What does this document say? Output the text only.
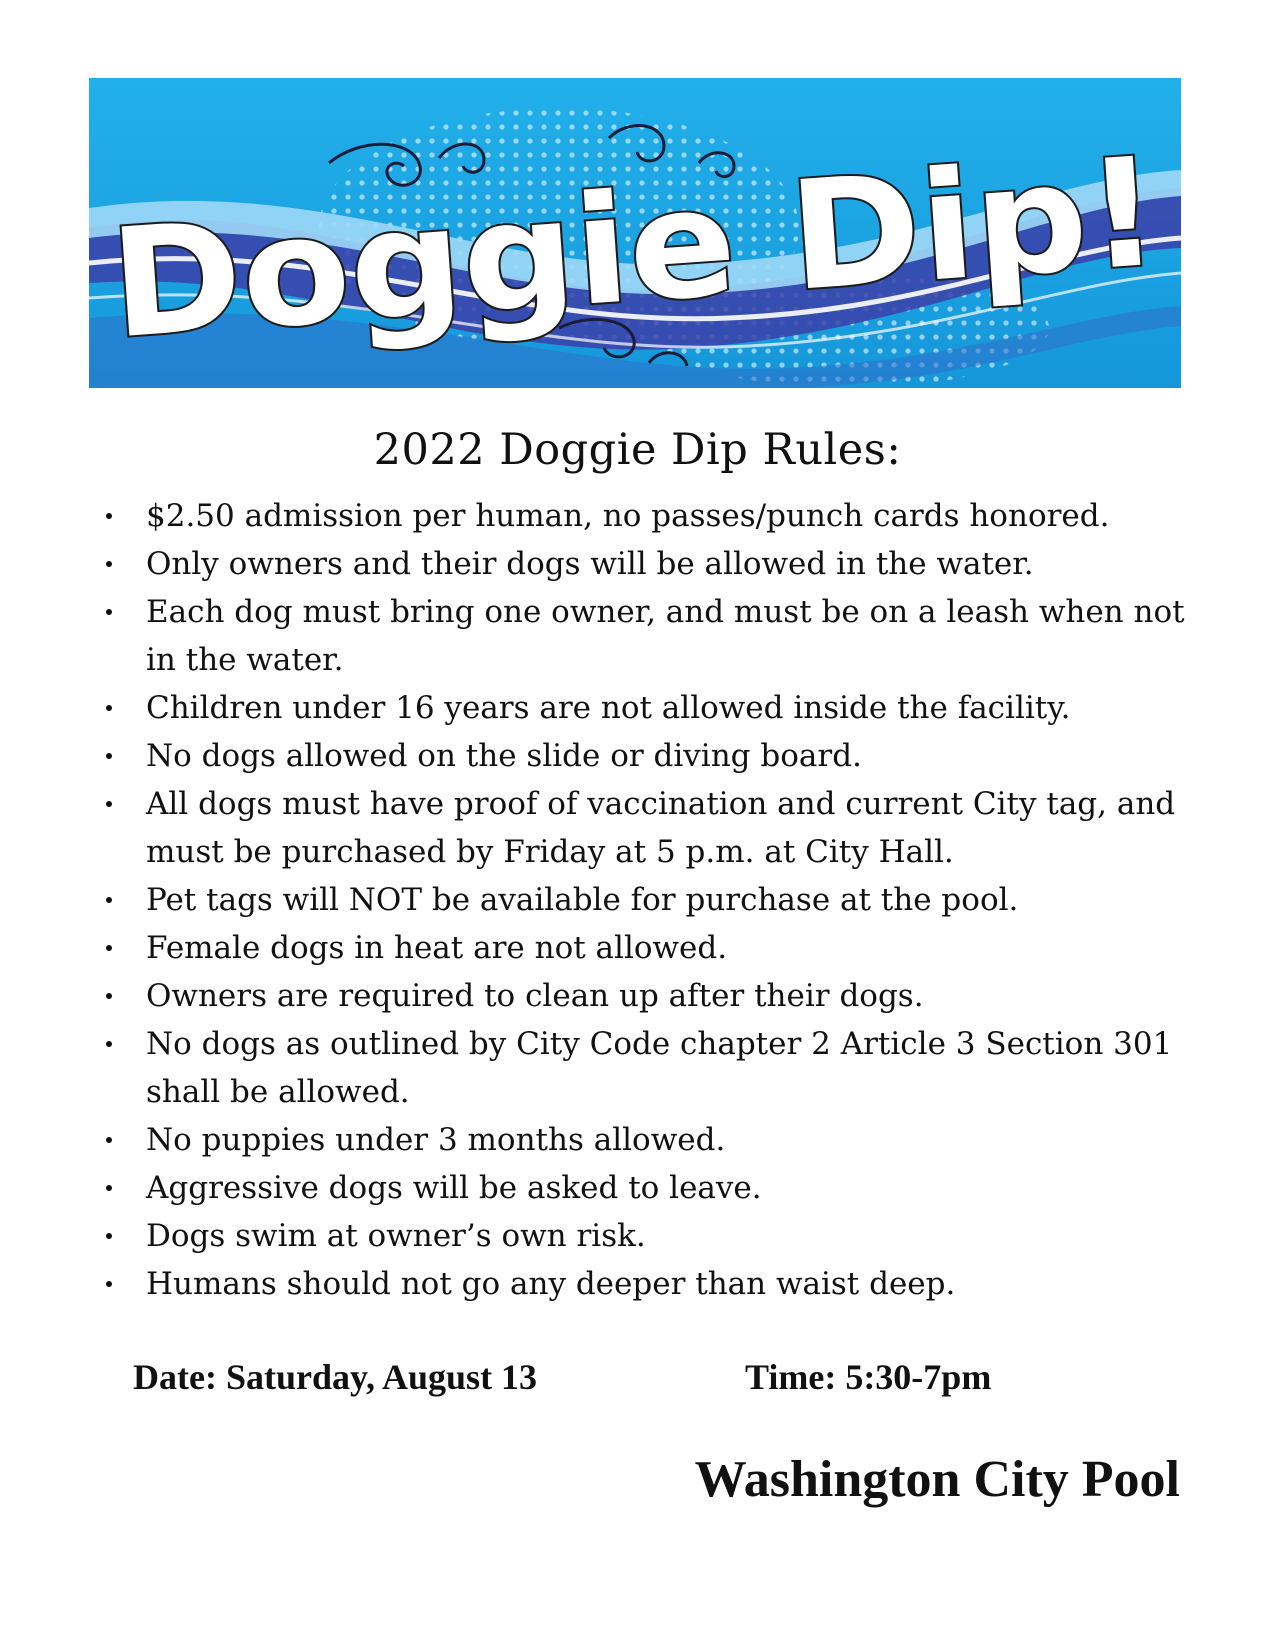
Doggie Dip!
2022 Doggie Dip Rules:
$2.50 admission per human, no passes/punch cards honored.
Only owners and their dogs will be allowed in the water.
Each dog must bring one owner, and must be on a leash when not in the water.
Children under 16 years are not allowed inside the facility.
No dogs allowed on the slide or diving board.
All dogs must have proof of vaccination and current City tag, and must be purchased by Friday at 5 p.m. at City Hall.
Pet tags will NOT be available for purchase at the pool.
Female dogs in heat are not allowed.
Owners are required to clean up after their dogs.
No dogs as outlined by City Code chapter 2 Article 3 Section 301 shall be allowed.
No puppies under 3 months allowed.
Aggressive dogs will be asked to leave.
Dogs swim at owner’s own risk.
Humans should not go any deeper than waist deep.
Date: Saturday, August 13	Time: 5:30-7pm
Washington City Pool
